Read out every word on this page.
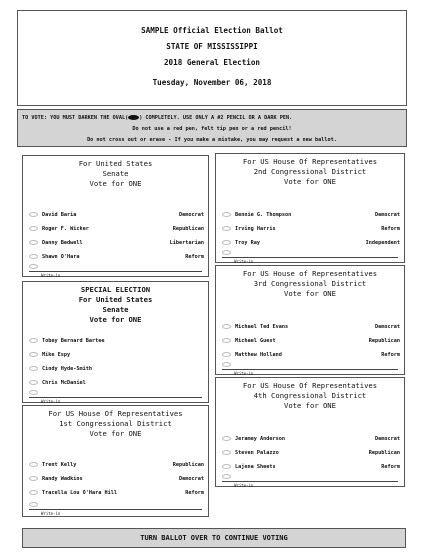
SAMPLE Official Election Ballot
STATE OF MISSISSIPPI
2018 General Election
Tuesday, November 06, 2018
TO VOTE: YOU MUST DARKEN THE OVAL( ) COMPLETELY. USE ONLY A #2 PENCIL OR A DARK PEN.
Do not use a red pen, felt tip pen or a red pencil!
Do not cross out or erase - If you make a mistake, you may request a new ballot.
For United States
Senate
Vote for ONE
David Baria	Democrat
Roger F. Wicker	Republican
Danny Bedwell	Libertarian
Shawn O'Hara	Reform
Write-in
SPECIAL ELECTION
For United States
Senate
Vote for ONE
Tobey Bernard Bartee
Mike Espy
Cindy Hyde-Smith
Chris McDaniel
Write-in
For US House Of Representatives
1st Congressional District
Vote for ONE
Trent Kelly	Republican
Randy Wadkins	Democrat
Tracella Lou O'Hara Hill	Reform
Write-in
For US House Of Representatives
2nd Congressional District
Vote for ONE
Bennie G. Thompson	Democrat
Irving Harris	Reform
Troy Ray	Independent
Write-in
For US House of Representatives
3rd Congressional District
Vote for ONE
Michael Ted Evans	Democrat
Michael Guest	Republican
Matthew Holland	Reform
Write-in
For US House Of Representatives
4th Congressional District
Vote for ONE
Jeramey Anderson	Democrat
Steven Palazzo	Republican
Lajena Sheets	Reform
Write-in
TURN BALLOT OVER TO CONTINUE VOTING
